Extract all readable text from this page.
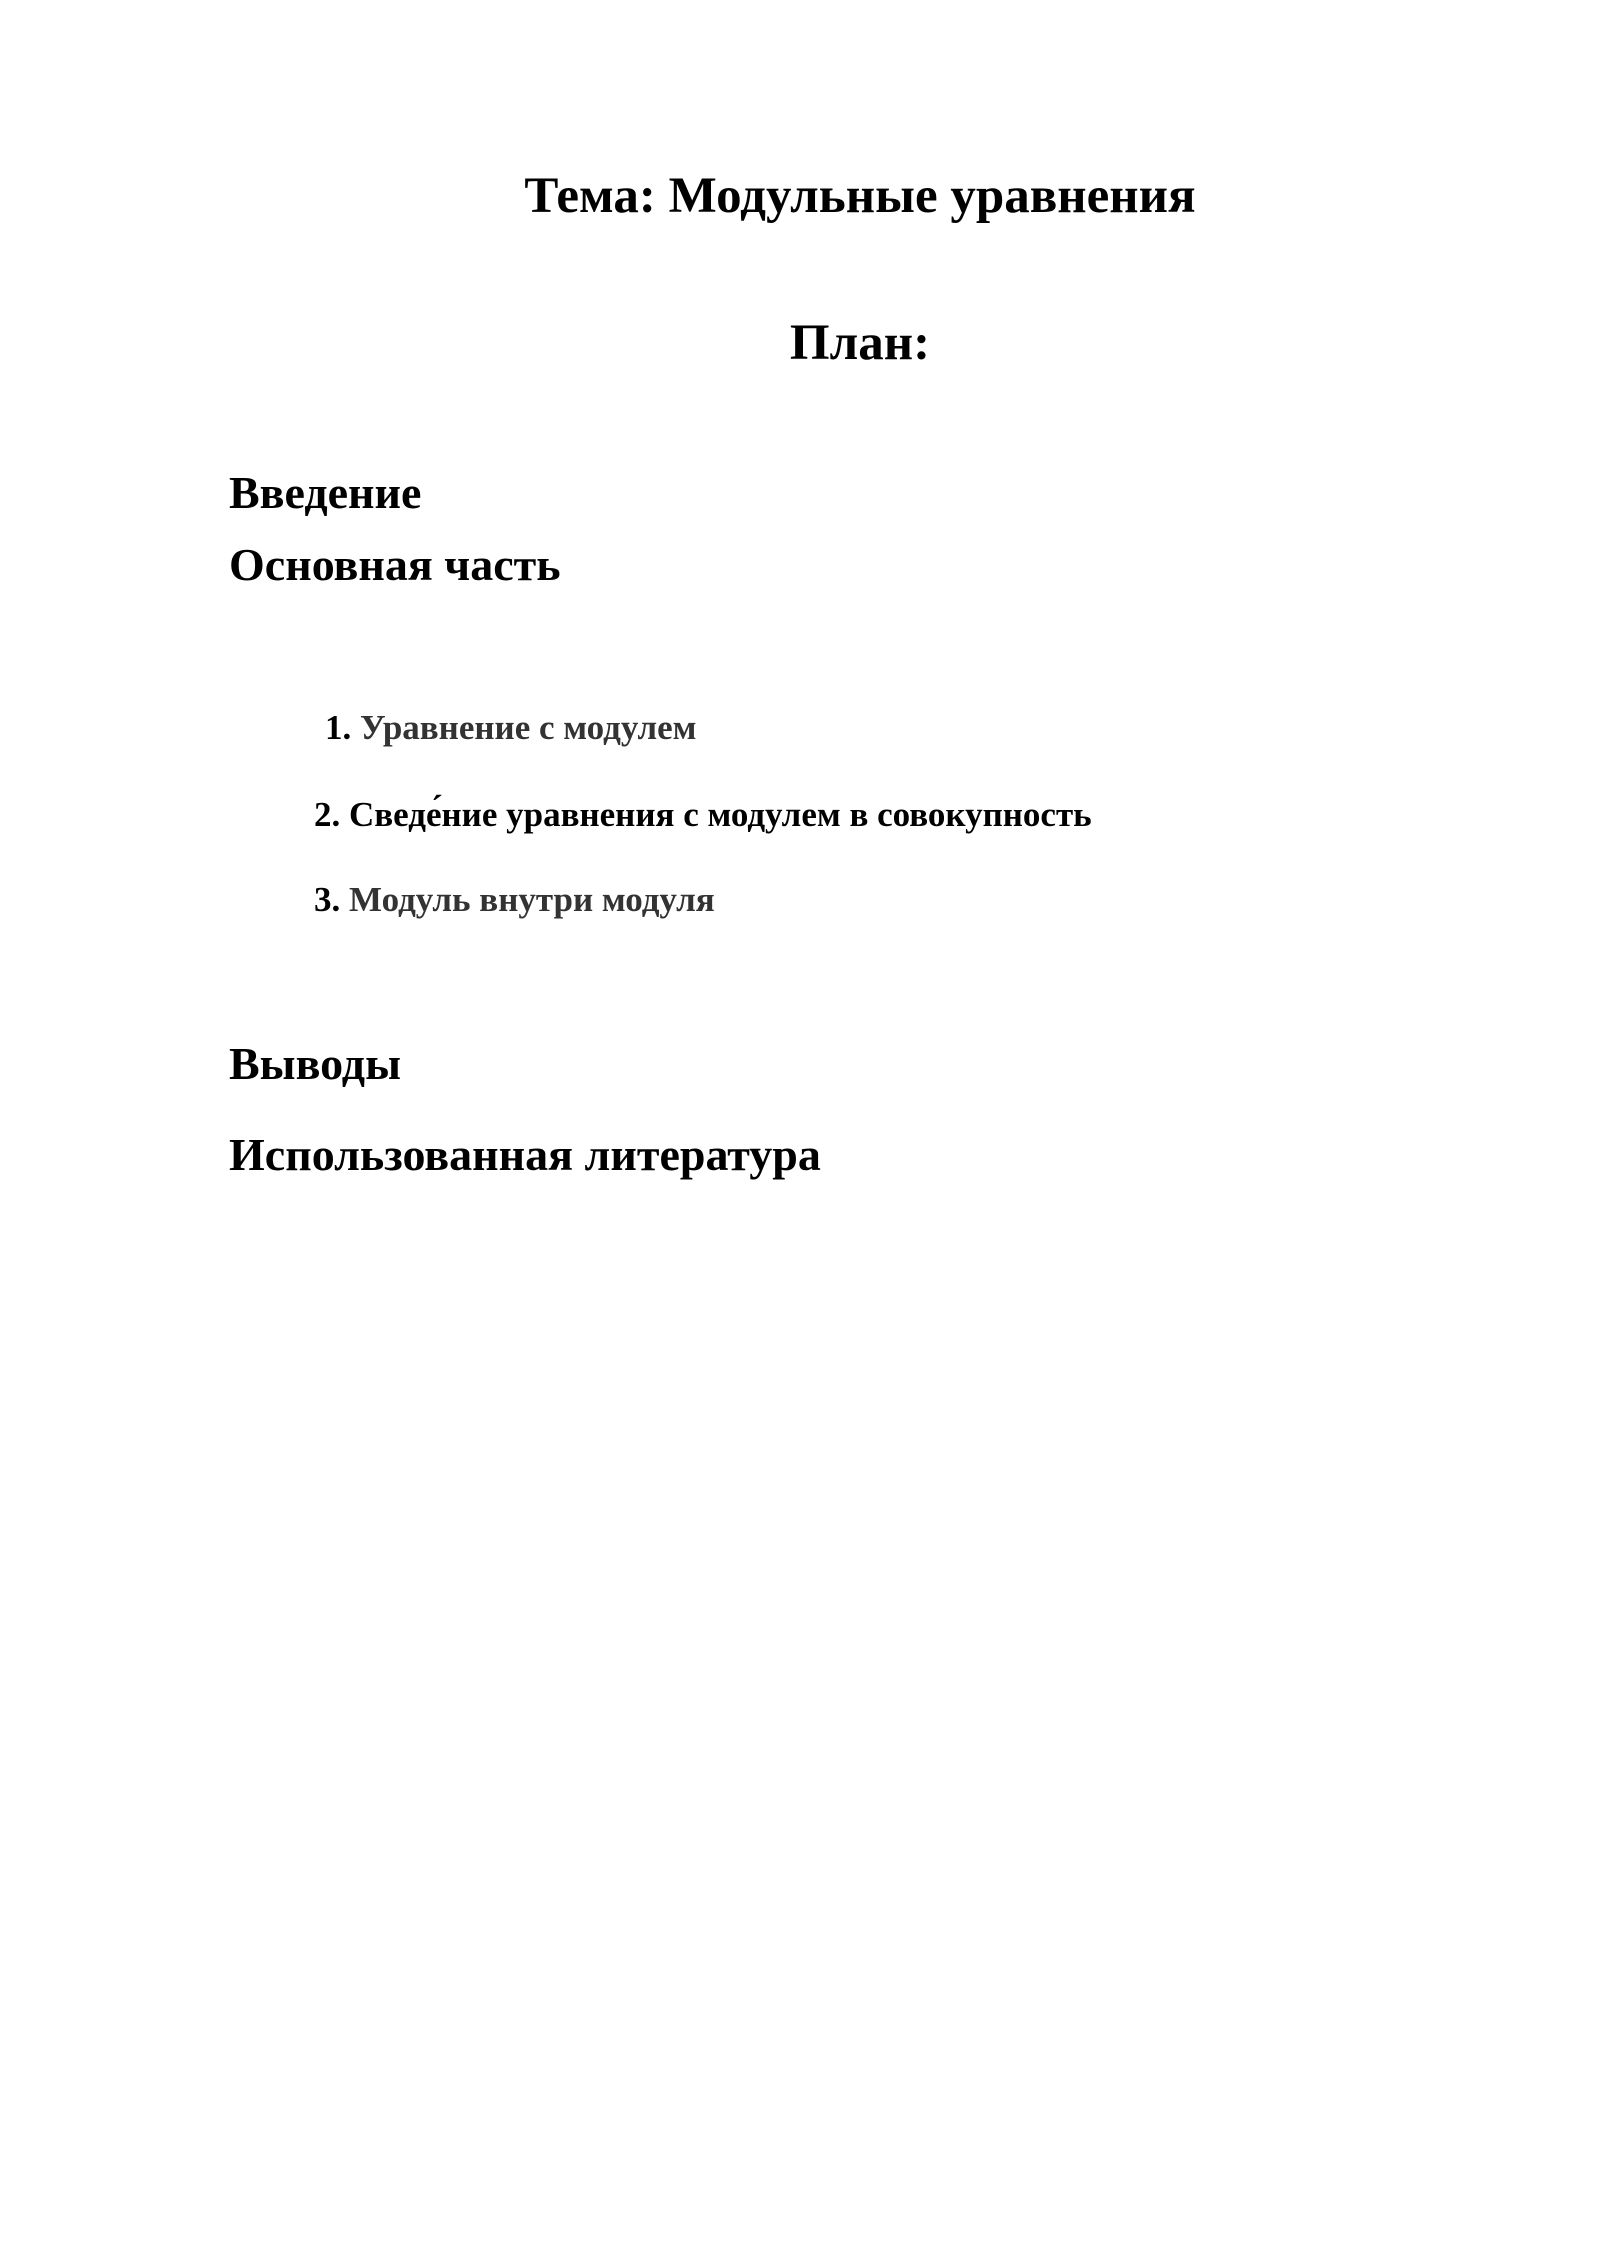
Тема: Модульные уравнения
План:
Введение
Основная часть
1. Уравнение с модулем
2. Сведе́ние уравнения с модулем в совокупность
3. Модуль внутри модуля
Выводы
Использованная литература
